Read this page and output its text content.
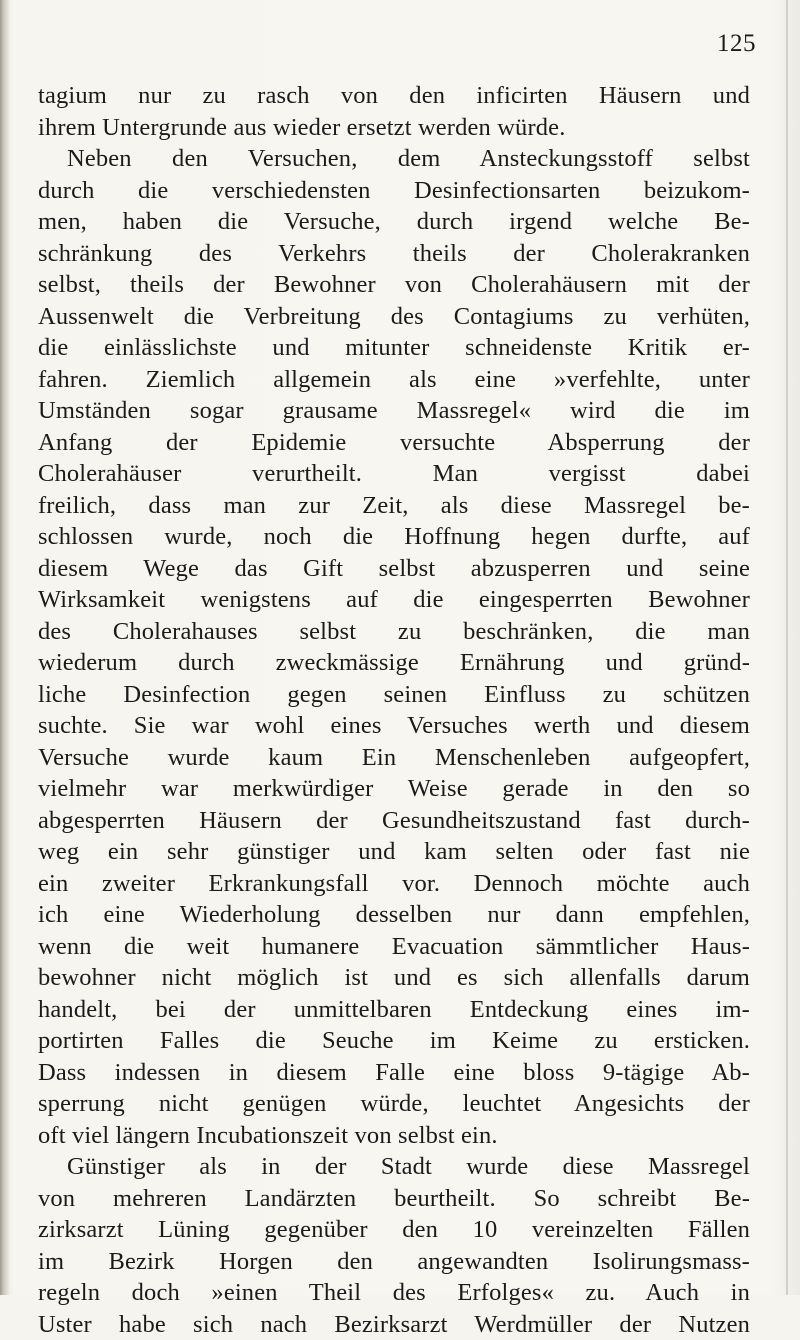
125
tagium nur zu rasch von den inficirten Häusern und
ihrem Untergrunde aus wieder ersetzt werden würde.
Neben den Versuchen, dem Ansteckungsstoff selbst
durch die verschiedensten Desinfectionsarten beizukom-
men, haben die Versuche, durch irgend welche Be-
schränkung des Verkehrs theils der Cholerakranken
selbst, theils der Bewohner von Cholerahäusern mit der
Aussenwelt die Verbreitung des Contagiums zu verhüten,
die einlässlichste und mitunter schneidenste Kritik er-
fahren. Ziemlich allgemein als eine »verfehlte, unter
Umständen sogar grausame Massregel« wird die im
Anfang der Epidemie versuchte Absperrung der
Cholerahäuser verurtheilt. Man vergisst dabei
freilich, dass man zur Zeit, als diese Massregel be-
schlossen wurde, noch die Hoffnung hegen durfte, auf
diesem Wege das Gift selbst abzusperren und seine
Wirksamkeit wenigstens auf die eingesperrten Bewohner
des Cholerahauses selbst zu beschränken, die man
wiederum durch zweckmässige Ernährung und gründ-
liche Desinfection gegen seinen Einfluss zu schützen
suchte. Sie war wohl eines Versuches werth und diesem
Versuche wurde kaum Ein Menschenleben aufgeopfert,
vielmehr war merkwürdiger Weise gerade in den so
abgesperrten Häusern der Gesundheitszustand fast durch-
weg ein sehr günstiger und kam selten oder fast nie
ein zweiter Erkrankungsfall vor. Dennoch möchte auch
ich eine Wiederholung desselben nur dann empfehlen,
wenn die weit humanere Evacuation sämmtlicher Haus-
bewohner nicht möglich ist und es sich allenfalls darum
handelt, bei der unmittelbaren Entdeckung eines im-
portirten Falles die Seuche im Keime zu ersticken.
Dass indessen in diesem Falle eine bloss 9-tägige Ab-
sperrung nicht genügen würde, leuchtet Angesichts der
oft viel längern Incubationszeit von selbst ein.
Günstiger als in der Stadt wurde diese Massregel
von mehreren Landärzten beurtheilt. So schreibt Be-
zirksarzt Lüning gegenüber den 10 vereinzelten Fällen
im Bezirk Horgen den angewandten Isolirungsmass-
regeln doch »einen Theil des Erfolges« zu. Auch in
Uster habe sich nach Bezirksarzt Werdmüller der Nutzen
